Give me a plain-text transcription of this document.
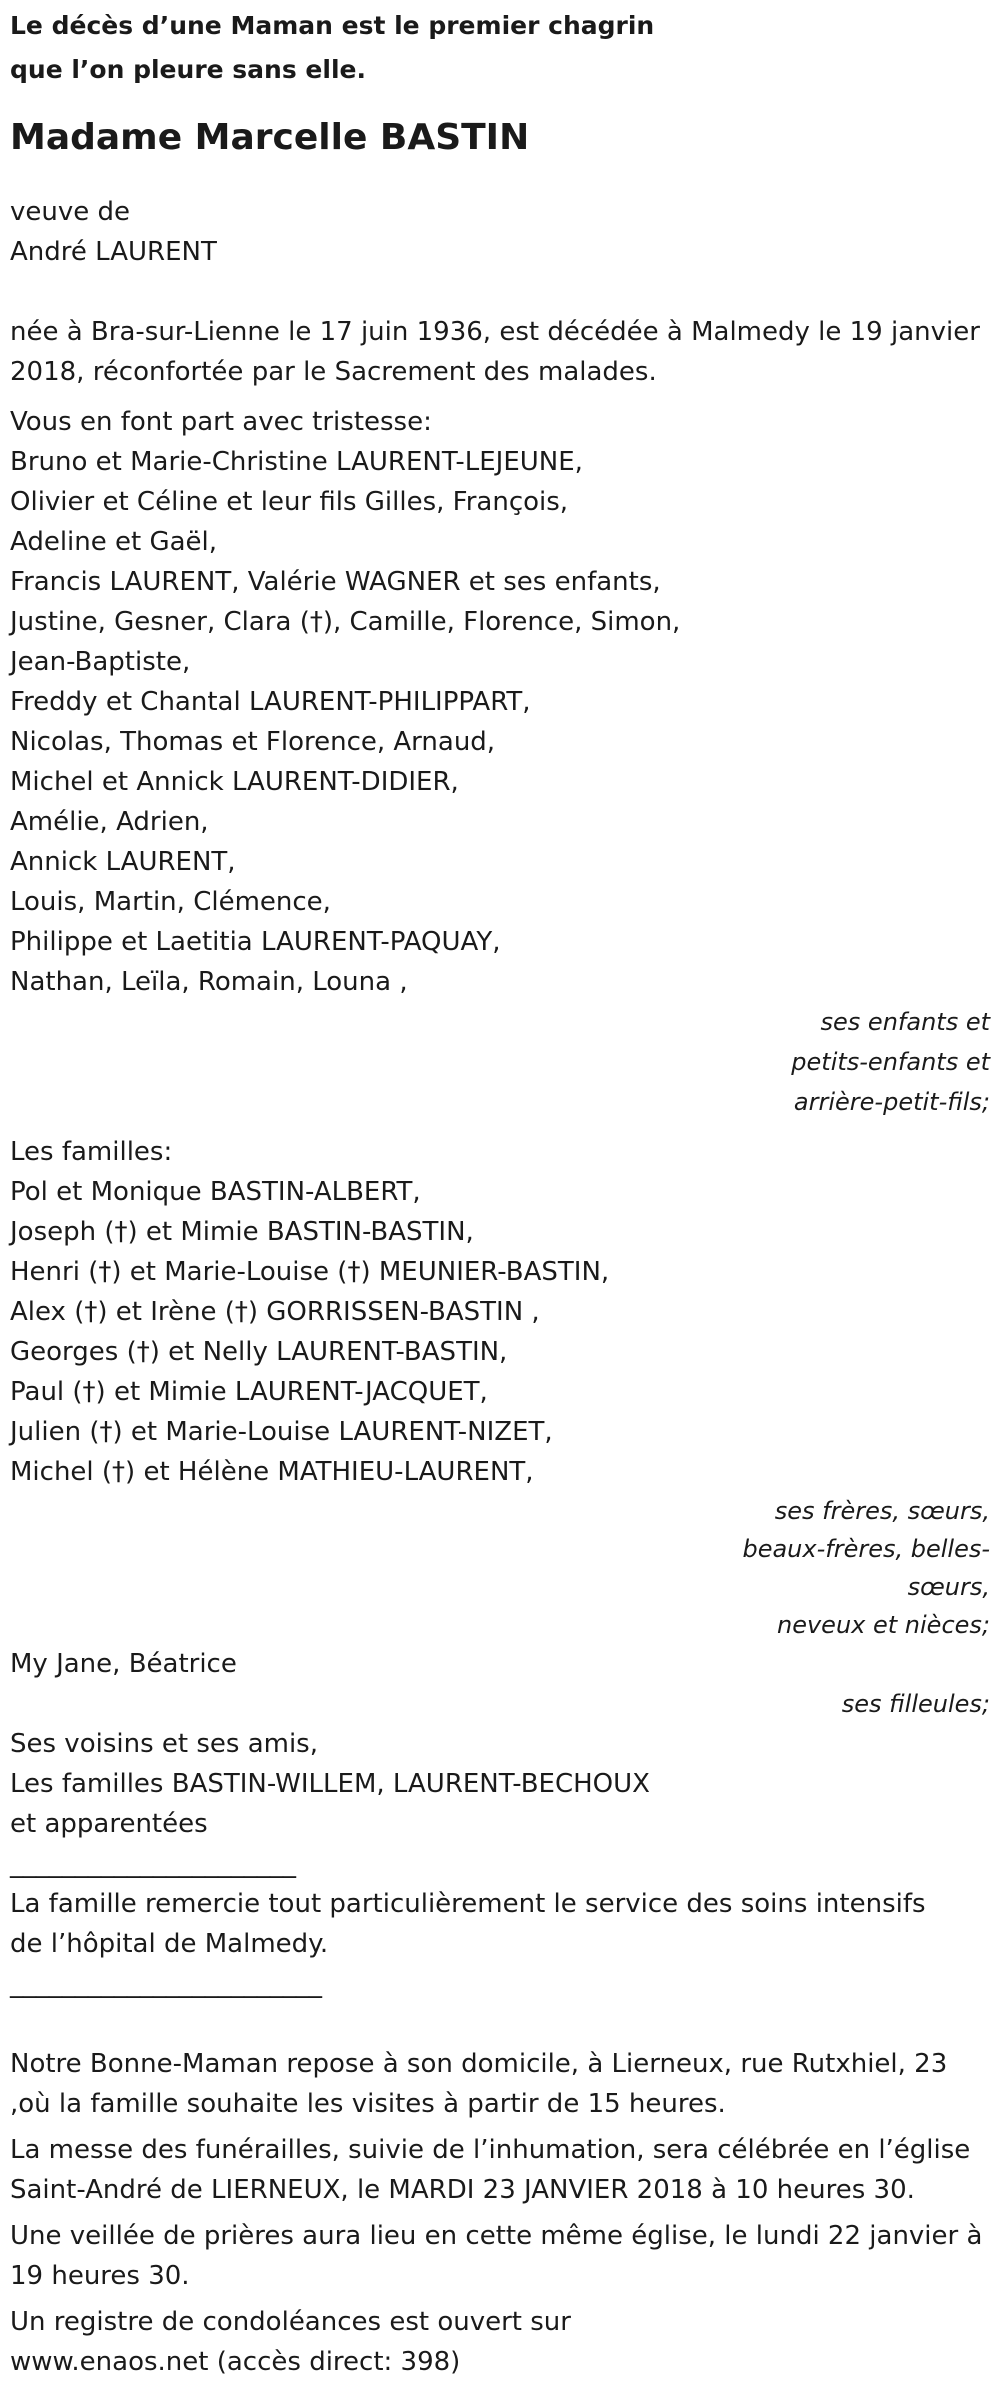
Le décès d’une Maman est le premier chagrin
que l’on pleure sans elle.
Madame Marcelle BASTIN
veuve de
André LAURENT
née à Bra-sur-Lienne le 17 juin 1936, est décédée à Malmedy le 19 janvier
2018, réconfortée par le Sacrement des malades.
Vous en font part avec tristesse:
Bruno et Marie-Christine LAURENT-LEJEUNE,
Olivier et Céline et leur fils Gilles, François,
Adeline et Gaël,
Francis LAURENT, Valérie WAGNER et ses enfants,
Justine, Gesner, Clara (†), Camille, Florence, Simon,
Jean-Baptiste,
Freddy et Chantal LAURENT-PHILIPPART,
Nicolas, Thomas et Florence, Arnaud,
Michel et Annick LAURENT-DIDIER,
Amélie, Adrien,
Annick LAURENT,
Louis, Martin, Clémence,
Philippe et Laetitia LAURENT-PAQUAY,
Nathan, Leïla, Romain, Louna ,
ses enfants et
petits-enfants et
arrière-petit-fils;
Les familles:
Pol et Monique BASTIN-ALBERT,
Joseph (†) et Mimie BASTIN-BASTIN,
Henri (†) et Marie-Louise (†) MEUNIER-BASTIN,
Alex (†) et Irène (†) GORRISSEN-BASTIN ,
Georges (†) et Nelly LAURENT-BASTIN,
Paul (†) et Mimie LAURENT-JACQUET,
Julien (†) et Marie-Louise LAURENT-NIZET,
Michel (†) et Hélène MATHIEU-LAURENT,
ses frères, sœurs,
beaux-frères, belles-
sœurs,
neveux et nièces;
My Jane, Béatrice
ses filleules;
Ses voisins et ses amis,
Les familles BASTIN-WILLEM, LAURENT-BECHOUX
et apparentées
______________________
La famille remercie tout particulièrement le service des soins intensifs
de l’hôpital de Malmedy.
________________________
Notre Bonne-Maman repose à son domicile, à Lierneux, rue Rutxhiel, 23
,où la famille souhaite les visites à partir de 15 heures.
La messe des funérailles, suivie de l’inhumation, sera célébrée en l’église
Saint-André de LIERNEUX, le MARDI 23 JANVIER 2018 à 10 heures 30.
Une veillée de prières aura lieu en cette même église, le lundi 22 janvier à
19 heures 30.
Un registre de condoléances est ouvert sur
www.enaos.net (accès direct: 398)
